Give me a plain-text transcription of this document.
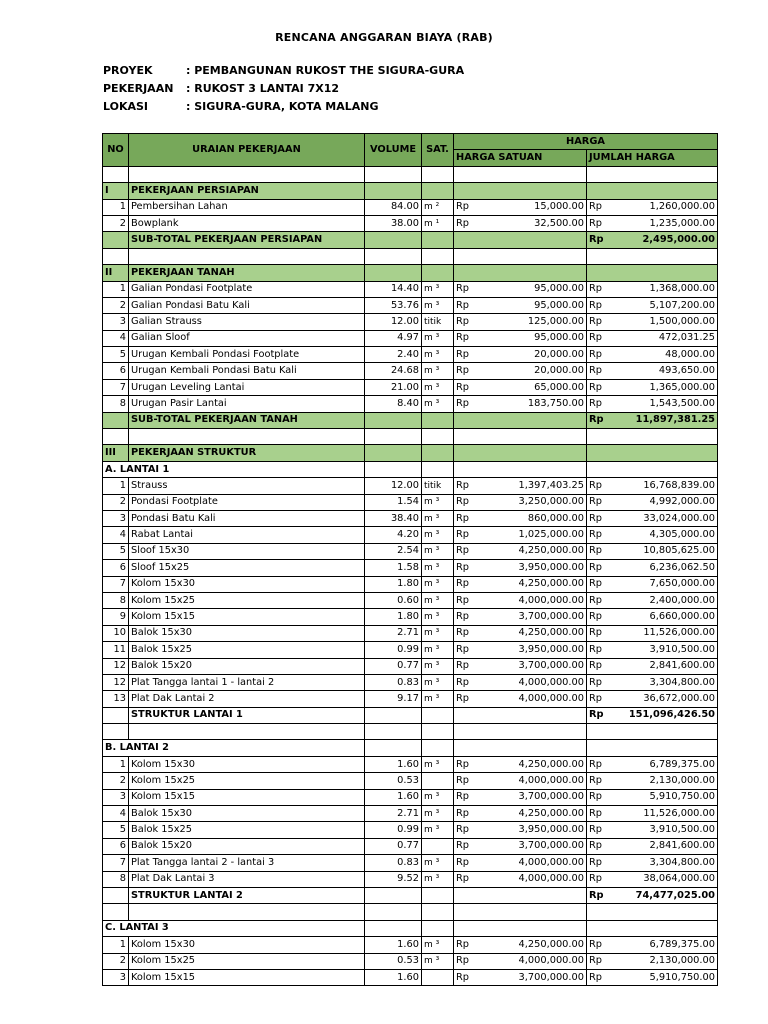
RENCANA ANGGARAN BIAYA (RAB)
PROYEK	: PEMBANGUNAN RUKOST THE SIGURA-GURA
PEKERJAAN : RUKOST 3 LANTAI 7X12
LOKASI	: SIGURA-GURA, KOTA MALANG
NO	URAIAN PEKERJAAN	VOLUME	SAT.	HARGA			
				HARGA SATUAN		JUMLAH HARGA	

I	PEKERJAAN PERSIAPAN						
1	Pembersihan Lahan	84.00	m ²	Rp	15,000.00	Rp	1,260,000.00
2	Bowplank	38.00	m ¹	Rp	32,500.00	Rp	1,235,000.00
	SUB-TOTAL PEKERJAAN PERSIAPAN					Rp	2,495,000.00

II	PEKERJAAN TANAH						
1	Galian Pondasi Footplate	14.40	m ³	Rp	95,000.00	Rp	1,368,000.00
2	Galian Pondasi Batu Kali	53.76	m ³	Rp	95,000.00	Rp	5,107,200.00
3	Galian Strauss	12.00	titik	Rp	125,000.00	Rp	1,500,000.00
4	Galian Sloof	4.97	m ³	Rp	95,000.00	Rp	472,031.25
5	Urugan Kembali Pondasi Footplate	2.40	m ³	Rp	20,000.00	Rp	48,000.00
6	Urugan Kembali Pondasi Batu Kali	24.68	m ³	Rp	20,000.00	Rp	493,650.00
7	Urugan Leveling Lantai	21.00	m ³	Rp	65,000.00	Rp	1,365,000.00
8	Urugan Pasir Lantai	8.40	m ³	Rp	183,750.00	Rp	1,543,500.00
	SUB-TOTAL PEKERJAAN TANAH					Rp	11,897,381.25

III	PEKERJAAN STRUKTUR						
A. LANTAI 1							
1	Strauss	12.00	titik	Rp	1,397,403.25	Rp	16,768,839.00
2	Pondasi Footplate	1.54	m ³	Rp	3,250,000.00	Rp	4,992,000.00
3	Pondasi Batu Kali	38.40	m ³	Rp	860,000.00	Rp	33,024,000.00
4	Rabat Lantai	4.20	m ³	Rp	1,025,000.00	Rp	4,305,000.00
5	Sloof 15x30	2.54	m ³	Rp	4,250,000.00	Rp	10,805,625.00
6	Sloof 15x25	1.58	m ³	Rp	3,950,000.00	Rp	6,236,062.50
7	Kolom 15x30	1.80	m ³	Rp	4,250,000.00	Rp	7,650,000.00
8	Kolom 15x25	0.60	m ³	Rp	4,000,000.00	Rp	2,400,000.00
9	Kolom 15x15	1.80	m ³	Rp	3,700,000.00	Rp	6,660,000.00
10	Balok 15x30	2.71	m ³	Rp	4,250,000.00	Rp	11,526,000.00
11	Balok 15x25	0.99	m ³	Rp	3,950,000.00	Rp	3,910,500.00
12	Balok 15x20	0.77	m ³	Rp	3,700,000.00	Rp	2,841,600.00
12	Plat Tangga lantai 1 - lantai 2	0.83	m ³	Rp	4,000,000.00	Rp	3,304,800.00
13	Plat Dak Lantai 2	9.17	m ³	Rp	4,000,000.00	Rp	36,672,000.00
	STRUKTUR LANTAI 1					Rp	151,096,426.50

B. LANTAI 2							
1	Kolom 15x30	1.60	m ³	Rp	4,250,000.00	Rp	6,789,375.00
2	Kolom 15x25	0.53		Rp	4,000,000.00	Rp	2,130,000.00
3	Kolom 15x15	1.60	m ³	Rp	3,700,000.00	Rp	5,910,750.00
4	Balok 15x30	2.71	m ³	Rp	4,250,000.00	Rp	11,526,000.00
5	Balok 15x25	0.99	m ³	Rp	3,950,000.00	Rp	3,910,500.00
6	Balok 15x20	0.77		Rp	3,700,000.00	Rp	2,841,600.00
7	Plat Tangga lantai 2 - lantai 3	0.83	m ³	Rp	4,000,000.00	Rp	3,304,800.00
8	Plat Dak Lantai 3	9.52	m ³	Rp	4,000,000.00	Rp	38,064,000.00
	STRUKTUR LANTAI 2					Rp	74,477,025.00

C. LANTAI 3							
1	Kolom 15x30	1.60	m ³	Rp	4,250,000.00	Rp	6,789,375.00
2	Kolom 15x25	0.53	m ³	Rp	4,000,000.00	Rp	2,130,000.00
3	Kolom 15x15	1.60		Rp	3,700,000.00	Rp	5,910,750.00
